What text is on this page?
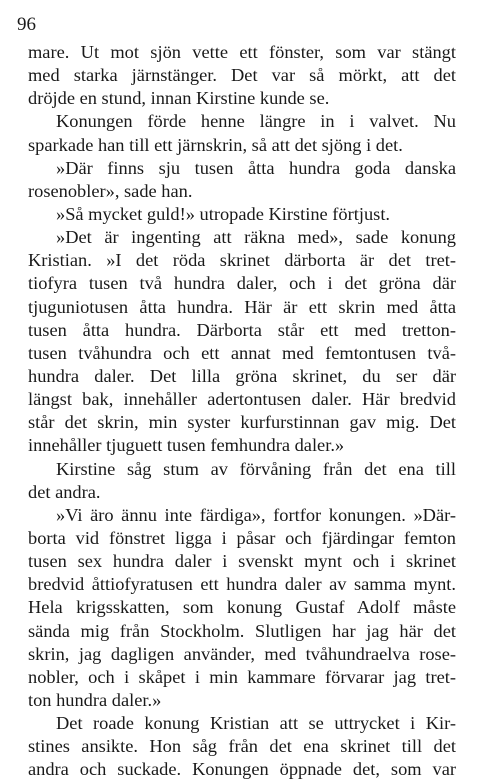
96

mare. Ut mot sjön vette ett fönster, som var stängt
med starka järnstänger. Det var så mörkt, att det
dröjde en stund, innan Kirstine kunde se.
Konungen förde henne längre in i valvet. Nu
sparkade han till ett järnskrin, så att det sjöng i det.
»Där finns sju tusen åtta hundra goda danska
rosenobler», sade han.
»Så mycket guld!» utropade Kirstine förtjust.
»Det är ingenting att räkna med», sade konung
Kristian. »I det röda skrinet därborta är det tret-
tiofyra tusen två hundra daler, och i det gröna där
tjuguniotusen åtta hundra. Här är ett skrin med åtta
tusen åtta hundra. Därborta står ett med tretton-
tusen tvåhundra och ett annat med femtontusen två-
hundra daler. Det lilla gröna skrinet, du ser där
längst bak, innehåller adertontusen daler. Här bredvid
står det skrin, min syster kurfurstinnan gav mig. Det
innehåller tjuguett tusen femhundra daler.»
Kirstine såg stum av förvåning från det ena till
det andra.
»Vi äro ännu inte färdiga», fortfor konungen. »Där-
borta vid fönstret ligga i påsar och fjärdingar femton
tusen sex hundra daler i svenskt mynt och i skrinet
bredvid åttiofyratusen ett hundra daler av samma mynt.
Hela krigsskatten, som konung Gustaf Adolf måste
sända mig från Stockholm. Slutligen har jag här det
skrin, jag dagligen använder, med tvåhundraelva rose-
nobler, och i skåpet i min kammare förvarar jag tret-
ton hundra daler.»
Det roade konung Kristian att se uttrycket i Kir-
stines ansikte. Hon såg från det ena skrinet till det
andra och suckade. Konungen öppnade det, som var
